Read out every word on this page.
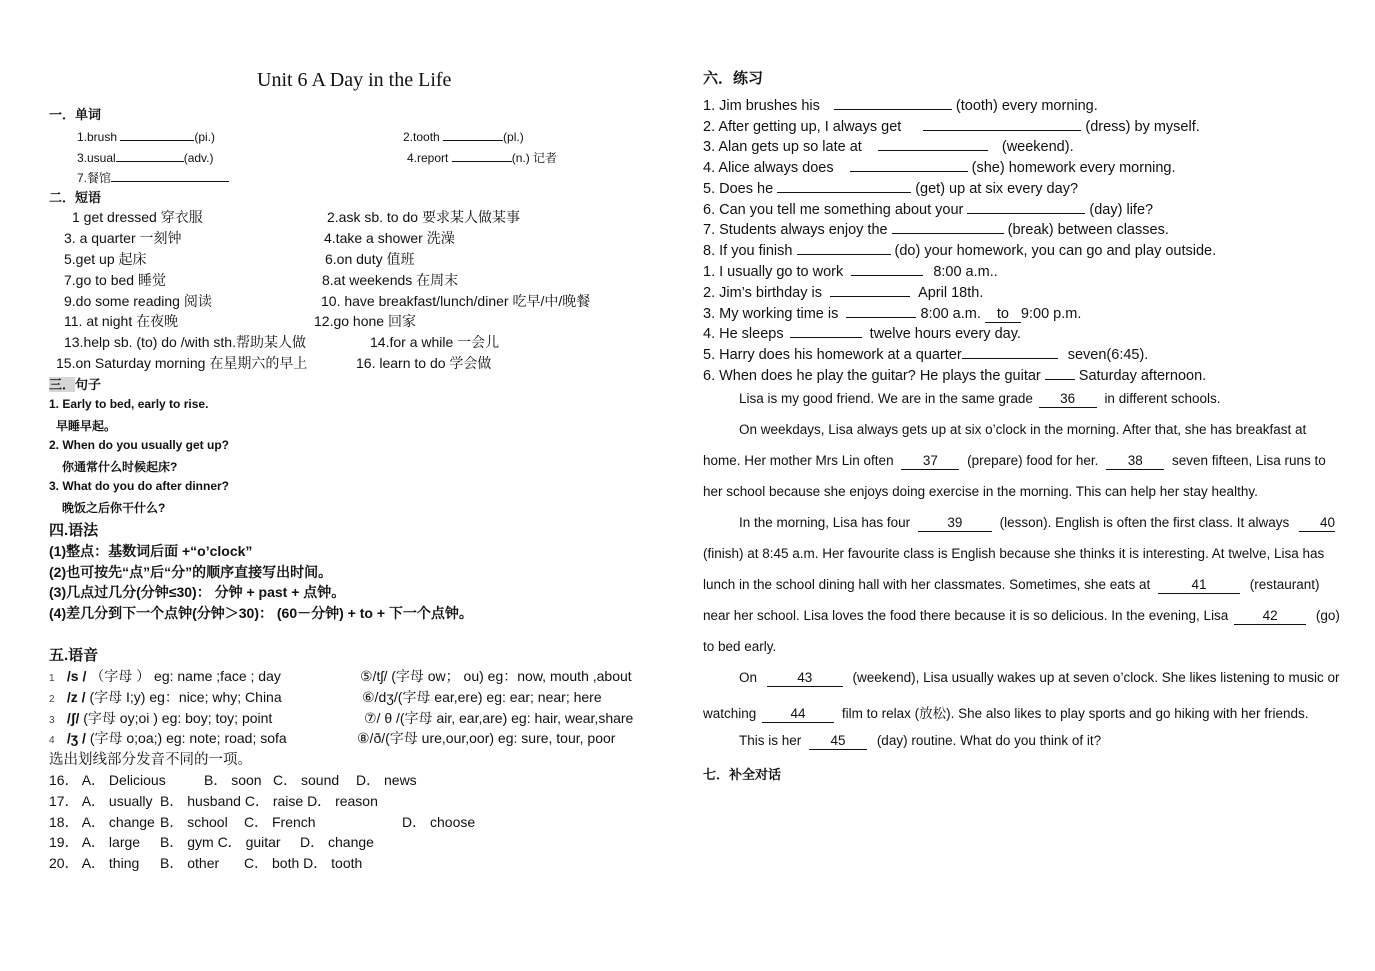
Unit 6 A Day in the Life
一．单词
1.brush	(pi.)	2.tooth	(pl.)
3.usual	(adv.)	4.report	(n.) 记者
7.餐馆
二．短语
1 get dressed 穿衣服	2.ask sb. to do 要求某人做某事
3. a quarter 一刻钟	4.take a shower 洗澡
5.get up 起床	6.on duty 值班
7.go to bed 睡觉	8.at weekends 在周末
9.do some reading 阅读	10. have breakfast/lunch/diner 吃早/中/晚餐
11. at night 在夜晚	12.go hone 回家
13.help sb. (to) do /with sth.帮助某人做	14.for a while 一会儿
15.on Saturday morning 在星期六的早上	16. learn to do 学会做
三．句子
1. Early to bed, early to rise.
早睡早起。
2. When do you usually get up?
你通常什么时候起床?
3. What do you do after dinner?
晚饭之后你干什么?
四.语法
(1)整点：基数词后面 +“o’clock”
(2)也可按先“点”后“分”的顺序直接写出时间。
(3)几点过几分(分钟≤30)： 分钟 + past + 点钟。
(4)差几分到下一个点钟(分钟＞30)： (60－分钟) + to + 下一个点钟。
五.语音
1 /s / （字母 ） eg: name ;face ; day	⑤/tʃ/ (字母 ow； ou) eg：now, mouth ,about
2 /z / (字母 I;y) eg：nice; why; China	⑥/dʒ/(字母 ear,ere) eg: ear; near; here
3 /ʃ/ (字母 oy;oi ) eg: boy; toy; point	⑦/ θ /(字母 air, ear,are) eg: hair, wear,share
4 /ʒ / (字母 o;oa;) eg: note; road; sofa	⑧/ð/(字母 ure,our,oor) eg: sure, tour, poor
选出划线部分发音不同的一项。
16． A． Delicious	B． soon C． sound D． news
17． A． usually B． husband C． raise D． reason
18． A． change B． school C． French	D． choose
19． A． large B． gym C． guitar D． change
20． A． thing B． other C． both D． tooth
六．练习
1. Jim brushes his	(tooth) every morning.
2. After getting up, I always get	(dress) by myself.
3. Alan gets up so late at	(weekend).
4. Alice always does	(she) homework every morning.
5. Does he	(get) up at six every day?
6. Can you tell me something about your	(day) life?
7. Students always enjoy the	(break) between classes.
8. If you finish	(do) your homework, you can go and play outside.
1. I usually go to work	8:00 a.m..
2. Jim’s birthday is	April 18th.
3. My working time is	8:00 a.m. to 9:00 p.m.
4. He sleeps	twelve hours every day.
5. Harry does his homework at a quarter	seven(6:45).
6. When does he play the guitar? He plays the guitar	Saturday afternoon.
Lisa is my good friend. We are in the same grade 36 in different schools.
On weekdays, Lisa always gets up at six o’clock in the morning. After that, she has breakfast at
home. Her mother Mrs Lin often 37 (prepare) food for her. 38 seven fifteen, Lisa runs to
her school because she enjoys doing exercise in the morning. This can help her stay healthy.
In the morning, Lisa has four	39	(lesson). English is often the first class. It always 40
(finish) at 8:45 a.m. Her favourite class is English because she thinks it is interesting. At twelve, Lisa has
lunch in the school dining hall with her classmates. Sometimes, she eats at	41	(restaurant)
near her school. Lisa loves the food there because it is so delicious. In the evening, Lisa	42	(go)
to bed early.
On	43	(weekend), Lisa usually wakes up at seven o’clock. She likes listening to music or
watching	44	film to relax (放松). She also likes to play sports and go hiking with her friends.
This is her 45 (day) routine. What do you think of it?
七．补全对话
